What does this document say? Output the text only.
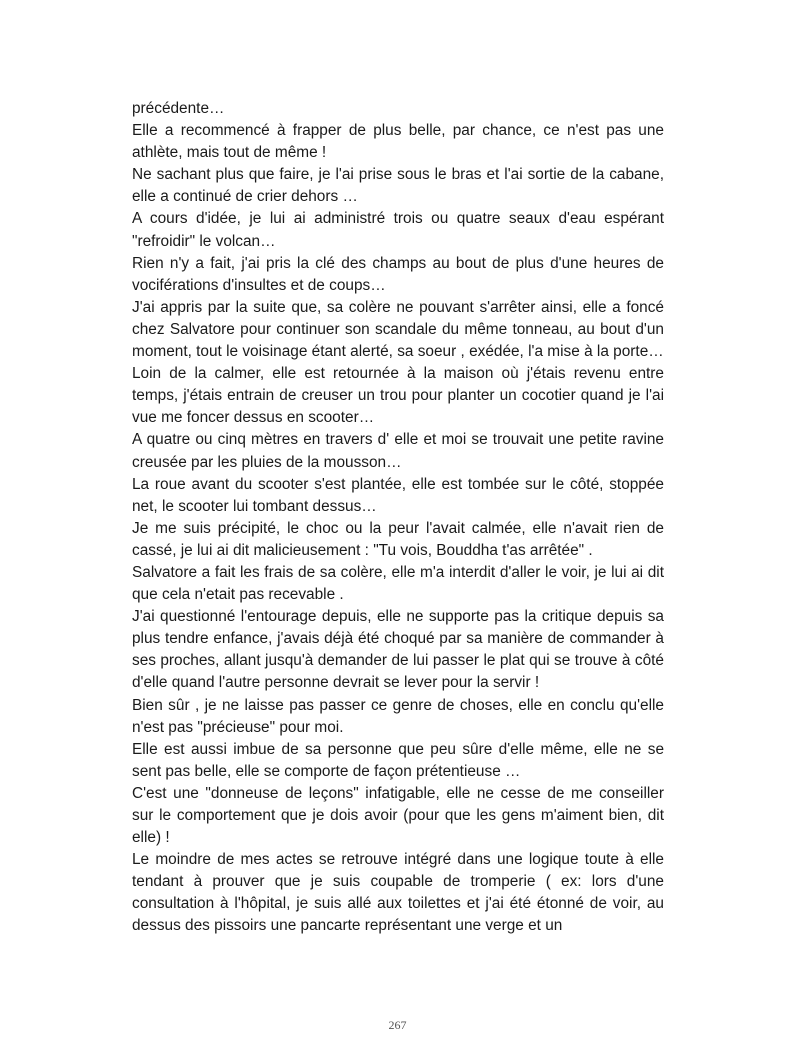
précédente…

Elle a recommencé à frapper de plus belle, par chance, ce n'est pas une athlète, mais tout de même !

Ne sachant plus que faire, je l'ai prise sous le bras et l'ai sortie de la cabane, elle a continué de crier dehors …

A cours d'idée, je lui ai administré trois ou quatre seaux d'eau espérant "refroidir" le volcan…

Rien n'y a fait, j'ai pris la clé des champs au bout de plus d'une heures de vociférations d'insultes et de coups…

J'ai appris par la suite que, sa colère ne pouvant s'arrêter ainsi, elle a foncé chez Salvatore pour continuer son scandale du même tonneau, au bout d'un moment, tout le voisinage étant alerté, sa soeur , exédée, l'a mise à la porte…

Loin de la calmer, elle est retournée à la maison où j'étais revenu entre temps, j'étais entrain de creuser un trou pour planter un cocotier quand je l'ai vue me foncer dessus en scooter…

A quatre ou cinq mètres en travers d' elle et moi se trouvait une petite ravine creusée par les pluies de la mousson…

La roue avant du scooter s'est plantée, elle est tombée sur le côté, stoppée net, le scooter lui tombant dessus…

Je me suis précipité, le choc ou la peur l'avait calmée, elle n'avait rien de cassé, je lui ai dit malicieusement : "Tu vois, Bouddha t'as arrêtée" .

Salvatore a fait les frais de sa colère, elle m'a interdit d'aller le voir, je lui ai dit que cela n'etait pas recevable .

J'ai questionné l'entourage depuis, elle ne supporte pas la critique depuis sa plus tendre enfance, j'avais déjà été choqué par sa manière de commander à ses proches, allant jusqu'à demander de lui passer le plat qui se trouve à côté d'elle quand l'autre personne devrait se lever pour la servir !

Bien sûr , je ne laisse pas passer ce genre de choses, elle en conclu qu'elle n'est pas "précieuse" pour moi.

Elle est aussi imbue de sa personne que peu sûre d'elle même, elle ne se sent pas belle, elle se comporte de façon prétentieuse …

C'est une "donneuse de leçons" infatigable, elle ne cesse de me conseiller sur le comportement que je dois avoir (pour que les gens m'aiment bien, dit elle) !

Le moindre de mes actes se retrouve intégré dans une logique toute à elle tendant à prouver que je suis coupable de tromperie ( ex: lors d'une consultation à l'hôpital, je suis allé aux toilettes et j'ai été étonné de voir, au dessus des pissoirs une pancarte représentant une verge et un

267
